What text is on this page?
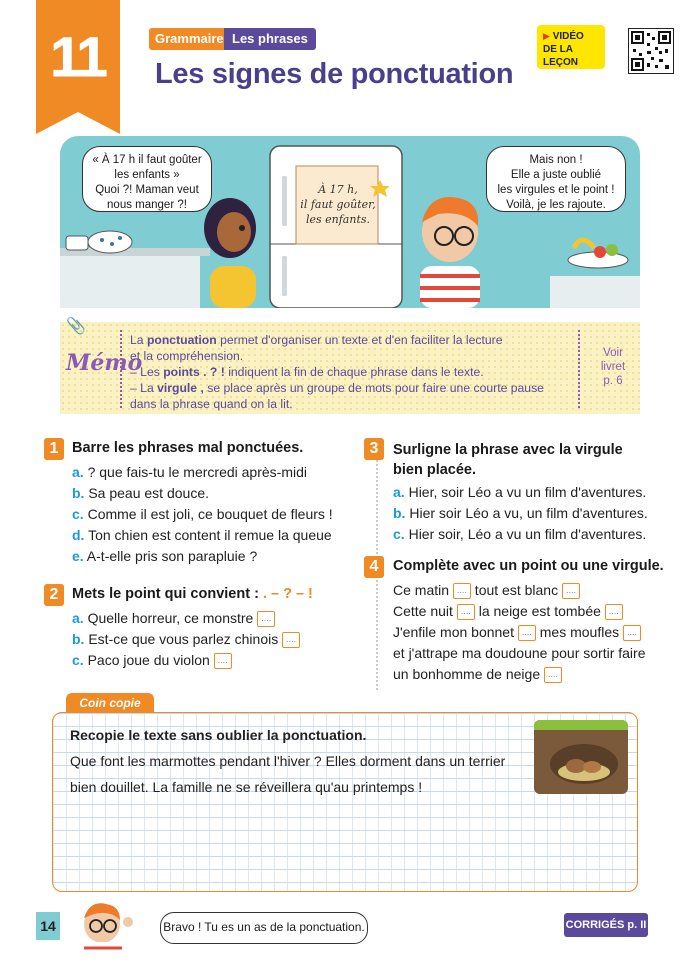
11	Grammaire Les phrases
Les signes de ponctuation
▶ VIDÉO
DE LA LEÇON
« À 17 h il faut goûter
les enfants »
Quoi ?! Maman veut
nous manger ?!
À 17 h,
il faut goûter,
les enfants.
Mais non !
Elle a juste oublié
les virgules et le point !
Voilà, je les rajoute.
📎
Mémo
La ponctuation permet d'organiser un texte et d'en faciliter la lecture
et la compréhension.
– Les points . ? ! indiquent la fin de chaque phrase dans le texte.
– La virgule , se place après un groupe de mots pour faire une courte pause
dans la phrase quand on la lit.
Voir
livret
p. 6
1 Barre les phrases mal ponctuées.
a. ? que fais-tu le mercredi après-midi
b. Sa peau est douce.
c. Comme il est joli, ce bouquet de fleurs !
d. Ton chien est content il remue la queue
e. A-t-elle pris son parapluie ?
2 Mets le point qui convient : . – ? – !
a. Quelle horreur, ce monstre ....
b. Est-ce que vous parlez chinois ....
c. Paco joue du violon ....
3	Surligne la phrase avec la virgule
bien placée.
a. Hier, soir Léo a vu un film d'aventures.
b. Hier soir Léo a vu, un film d'aventures.
c. Hier soir, Léo a vu un film d'aventures.
4	Complète avec un point ou une virgule.
Ce matin .... tout est blanc ....
Cette nuit .... la neige est tombée ....
J'enfile mon bonnet .... mes moufles ....
et j'attrape ma doudoune pour sortir faire
un bonhomme de neige ....
Coin copie
Recopie le texte sans oublier la ponctuation.
Que font les marmottes pendant l'hiver ? Elles dorment dans un terrier
bien douillet. La famille ne se réveillera qu'au printemps !
14	Bravo ! Tu es un as de la ponctuation.	CORRIGÉS p. II
